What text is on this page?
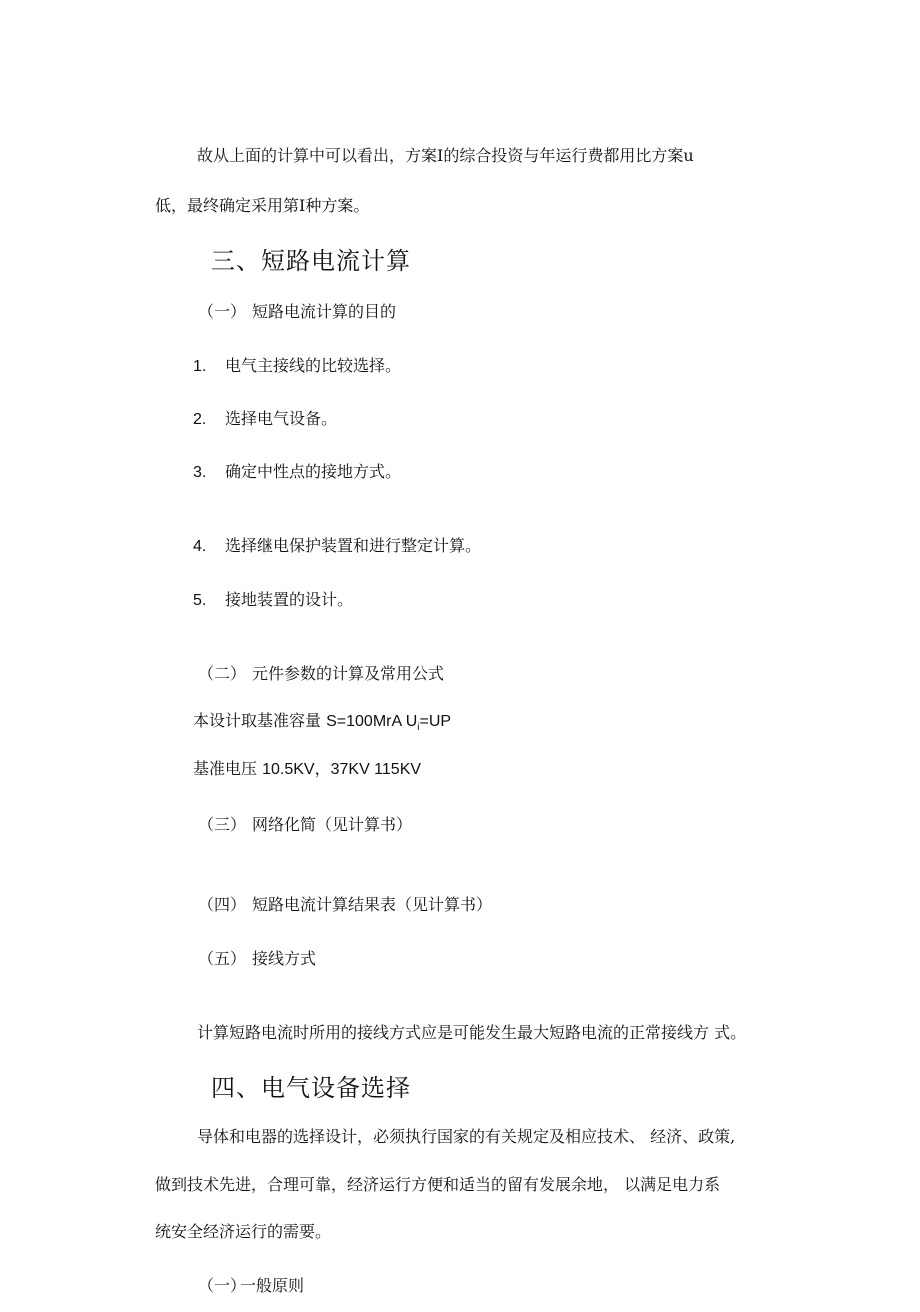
故从上面的计算中可以看出，方案I的综合投资与年运行费都用比方案u
低，最终确定采用第I种方案。
三、短路电流计算
（一） 短路电流计算的目的
1. 电气主接线的比较选择。
2. 选择电气设备。
3. 确定中性点的接地方式。
4. 选择继电保护装置和进行整定计算。
5. 接地装置的设计。
（二） 元件参数的计算及常用公式
本设计取基准容量 S=100MrA $U_i=UP$
基准电压 10.5KV，37KV 115KV
（三） 网络化简（见计算书）
（四） 短路电流计算结果表（见计算书）
（五） 接线方式
计算短路电流时所用的接线方式应是可能发生最大短路电流的正常接线方 式。
四、电气设备选择
导体和电器的选择设计，必须执行国家的有关规定及相应技术、 经济、政策,
做到技术先进，合理可靠，经济运行方便和适当的留有发展余地， 以满足电力系
统安全经济运行的需要。
（一）一般原则
